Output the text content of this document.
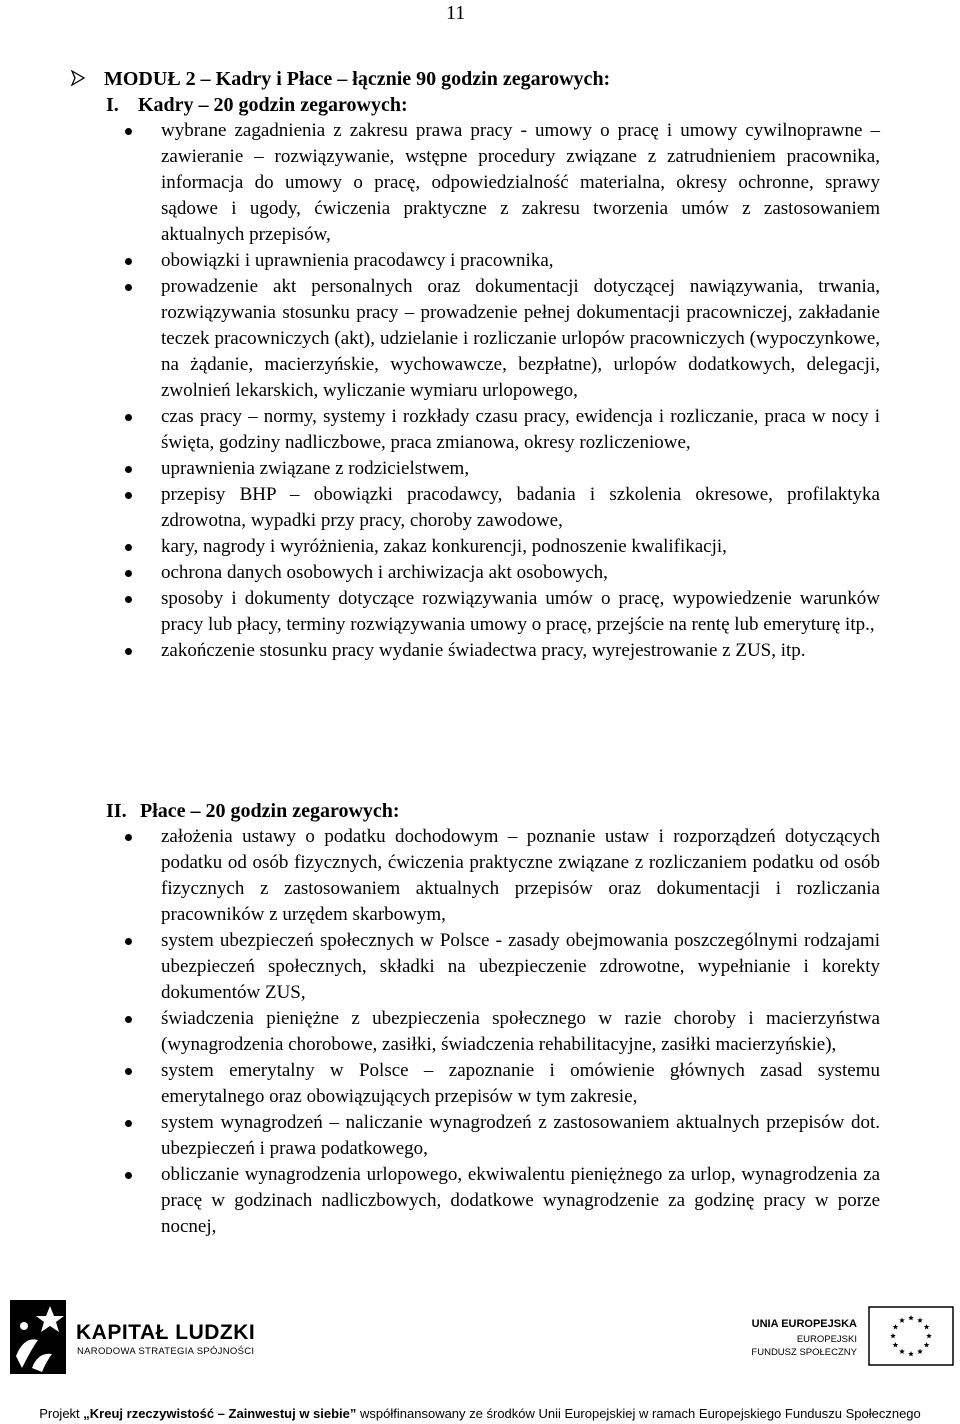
11
MODUŁ 2 – Kadry i Płace – łącznie 90 godzin zegarowych:
I. Kadry – 20 godzin zegarowych:
wybrane zagadnienia z zakresu prawa pracy - umowy o pracę i umowy cywilnoprawne – zawieranie – rozwiązywanie, wstępne procedury związane z zatrudnieniem pracownika, informacja do umowy o pracę, odpowiedzialność materialna, okresy ochronne, sprawy sądowe i ugody, ćwiczenia praktyczne z zakresu tworzenia umów z zastosowaniem aktualnych przepisów,
obowiązki i uprawnienia pracodawcy i pracownika,
prowadzenie akt personalnych oraz dokumentacji dotyczącej nawiązywania, trwania, rozwiązywania stosunku pracy – prowadzenie pełnej dokumentacji pracowniczej, zakładanie teczek pracowniczych (akt), udzielanie i rozliczanie urlopów pracowniczych (wypoczynkowe, na żądanie, macierzyńskie, wychowawcze, bezpłatne), urlopów dodatkowych, delegacji, zwolnień lekarskich, wyliczanie wymiaru urlopowego,
czas pracy – normy, systemy i rozkłady czasu pracy, ewidencja i rozliczanie, praca w nocy i święta, godziny nadliczbowe, praca zmianowa, okresy rozliczeniowe,
uprawnienia związane z rodzicielstwem,
przepisy BHP – obowiązki pracodawcy, badania i szkolenia okresowe, profilaktyka zdrowotna, wypadki przy pracy, choroby zawodowe,
kary, nagrody i wyróżnienia, zakaz konkurencji, podnoszenie kwalifikacji,
ochrona danych osobowych i archiwizacja akt osobowych,
sposoby i dokumenty dotyczące rozwiązywania umów o pracę, wypowiedzenie warunków pracy lub płacy, terminy rozwiązywania umowy o pracę, przejście na rentę lub emeryturę itp.,
zakończenie stosunku pracy wydanie świadectwa pracy, wyrejestrowanie z ZUS, itp.
II. Płace – 20 godzin zegarowych:
założenia ustawy o podatku dochodowym – poznanie ustaw i rozporządzeń dotyczących podatku od osób fizycznych, ćwiczenia praktyczne związane z rozliczaniem podatku od osób fizycznych z zastosowaniem aktualnych przepisów oraz dokumentacji i rozliczania pracowników z urzędem skarbowym,
system ubezpieczeń społecznych w Polsce - zasady obejmowania poszczególnymi rodzajami ubezpieczeń społecznych, składki na ubezpieczenie zdrowotne, wypełnianie i korekty dokumentów ZUS,
świadczenia pieniężne z ubezpieczenia społecznego w razie choroby i macierzyństwa (wynagrodzenia chorobowe, zasiłki, świadczenia rehabilitacyjne, zasiłki macierzyńskie),
system emerytalny w Polsce – zapoznanie i omówienie głównych zasad systemu emerytalnego oraz obowiązujących przepisów w tym zakresie,
system wynagrodzeń – naliczanie wynagrodzeń z zastosowaniem aktualnych przepisów dot. ubezpieczeń i prawa podatkowego,
obliczanie wynagrodzenia urlopowego, ekwiwalentu pieniężnego za urlop, wynagrodzenia za pracę w godzinach nadliczbowych, dodatkowe wynagrodzenie za godzinę pracy w porze nocnej,
KAPITAŁ LUDZKI
NARODOWA STRATEGIA SPÓJNOŚCI
UNIA EUROPEJSKA
EUROPEJSKI
FUNDUSZ SPOŁECZNY
Projekt „Kreuj rzeczywistość – Zainwestuj w siebie” współfinansowany ze środków Unii Europejskiej w ramach Europejskiego Funduszu Społecznego
